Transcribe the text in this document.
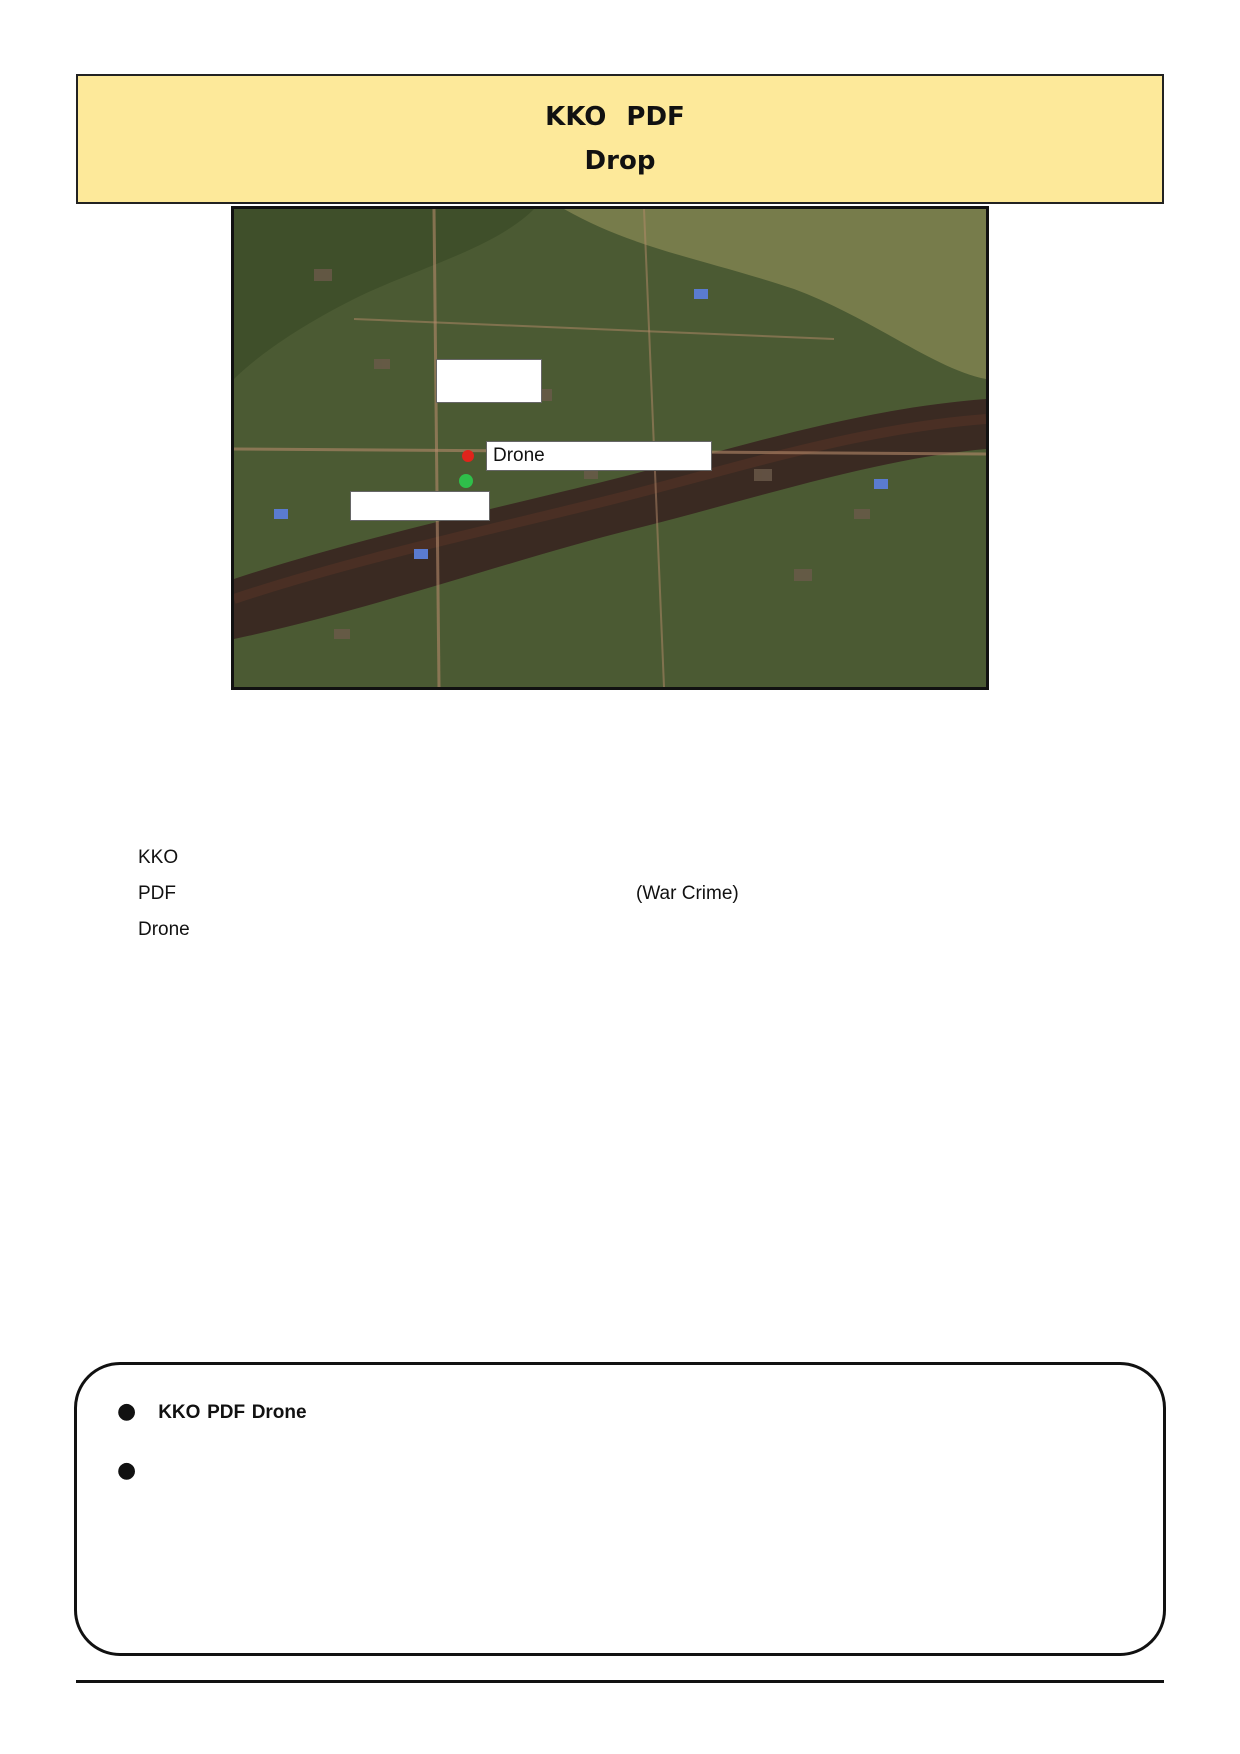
KKO PDF
Drop
Drone
KKO
PDF
Drone
(War Crime)
● KKO PDF Drone
●
